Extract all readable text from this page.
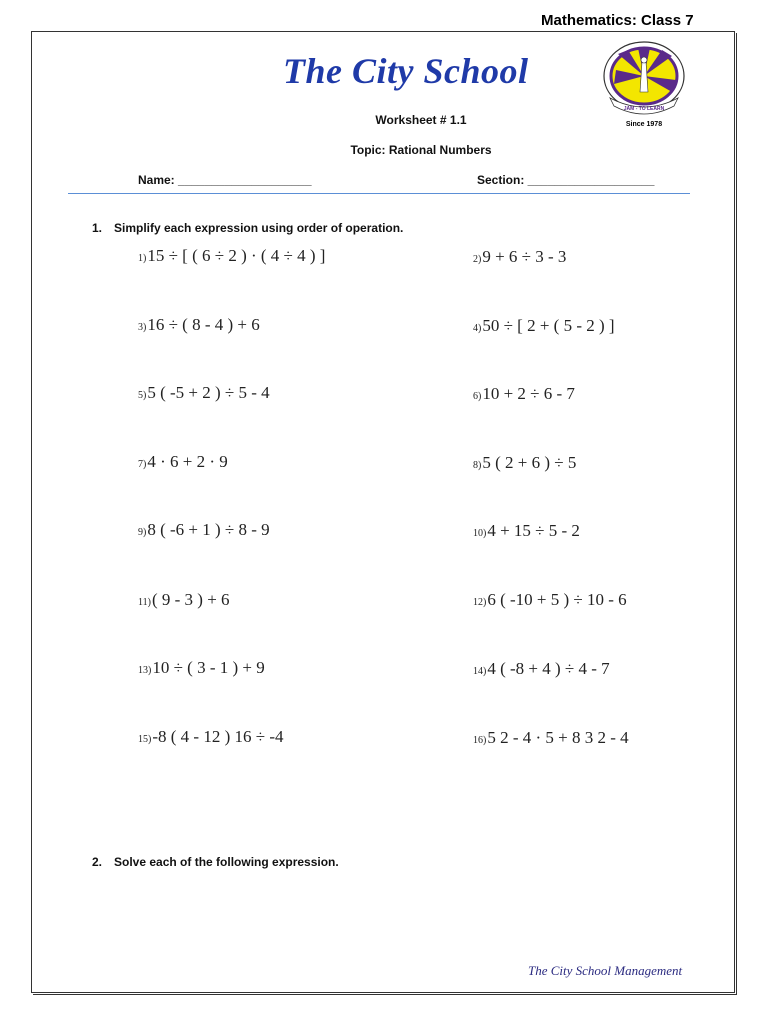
Mathematics: Class 7
The City School
JAM - TO LEARN
Since 1978
Worksheet # 1.1
Topic: Rational Numbers
Name: ____________________	Section: ___________________
1. Simplify each expression using order of operation.
1)15 ÷ [ ( 6 ÷ 2 ) · ( 4 ÷ 4 ) ]	2)9 + 6 ÷ 3 - 3
3)16 ÷ ( 8 - 4 ) + 6	4)50 ÷ [ 2 + ( 5 - 2 ) ]
5)5 ( -5 + 2 ) ÷ 5 - 4	6)10 + 2 ÷ 6 - 7
7)4 · 6 + 2 · 9	8)5 ( 2 + 6 ) ÷ 5
9)8 ( -6 + 1 ) ÷ 8 - 9	10)4 + 15 ÷ 5 - 2
11)( 9 - 3 ) + 6	12)6 ( -10 + 5 ) ÷ 10 - 6
13)10 ÷ ( 3 - 1 ) + 9	14)4 ( -8 + 4 ) ÷ 4 - 7
15)-8 ( 4 - 12 ) 16 ÷ -4	16)5 2 - 4 · 5 + 8 3 2 - 4
2. Solve each of the following expression.
The City School Management
